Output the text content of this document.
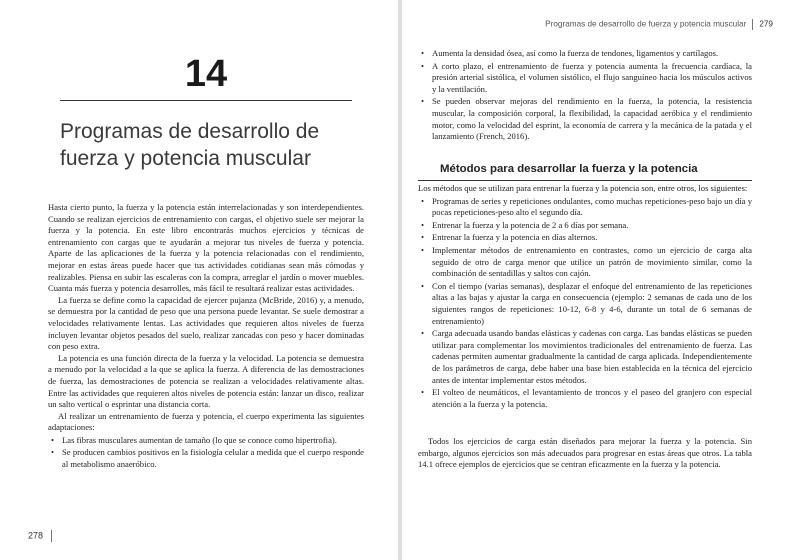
14
Programas de desarrollo de fuerza y potencia muscular

Hasta cierto punto, la fuerza y la potencia están interrelacionadas y son interdependientes. Cuando se realizan ejercicios de entrenamiento con cargas, el objetivo suele ser mejorar la fuerza y la potencia. En este libro encontrarás muchos ejercicios y técnicas de entrenamiento con cargas que te ayudarán a mejorar tus niveles de fuerza y potencia. Aparte de las aplicaciones de la fuerza y la potencia relacionadas con el rendimiento, mejorar en estas áreas puede hacer que tus actividades cotidianas sean más cómodas y realizables. Piensa en subir las escaleras con la compra, arreglar el jardín o mover muebles. Cuanta más fuerza y potencia desarrolles, más fácil te resultará realizar estas actividades.

La fuerza se define como la capacidad de ejercer pujanza (McBride, 2016) y, a menudo, se demuestra por la cantidad de peso que una persona puede levantar. Se suele demostrar a velocidades relativamente lentas. Las actividades que requieren altos niveles de fuerza incluyen levantar objetos pesados del suelo, realizar zancadas con peso y hacer dominadas con peso extra.

La potencia es una función directa de la fuerza y la velocidad. La potencia se demuestra a menudo por la velocidad a la que se aplica la fuerza. A diferencia de las demostraciones de fuerza, las demostraciones de potencia se realizan a velocidades relativamente altas. Entre las actividades que requieren altos niveles de potencia están: lanzar un disco, realizar un salto vertical o esprintar una distancia corta.

Al realizar un entrenamiento de fuerza y potencia, el cuerpo experimenta las siguientes adaptaciones:

• Las fibras musculares aumentan de tamaño (lo que se conoce como hipertrofia).
• Se producen cambios positivos en la fisiología celular a medida que el cuerpo responde al metabolismo anaeróbico.
278
Programas de desarrollo de fuerza y potencia muscular 279
• Aumenta la densidad ósea, así como la fuerza de tendones, ligamentos y cartílagos.
• A corto plazo, el entrenamiento de fuerza y potencia aumenta la frecuencia cardíaca, la presión arterial sistólica, el volumen sistólico, el flujo sanguíneo hacia los músculos activos y la ventilación.
• Se pueden observar mejoras del rendimiento en la fuerza, la potencia, la resistencia muscular, la composición corporal, la flexibilidad, la capacidad aeróbica y el rendimiento motor, como la velocidad del esprint, la economía de carrera y la mecánica de la patada y el lanzamiento (French, 2016).
Métodos para desarrollar la fuerza y la potencia

Los métodos que se utilizan para entrenar la fuerza y la potencia son, entre otros, los siguientes:

• Programas de series y repeticiones ondulantes, como muchas repeticiones-peso bajo un día y pocas repeticiones-peso alto el segundo día.
• Entrenar la fuerza y la potencia de 2 a 6 días por semana.
• Entrenar la fuerza y la potencia en días alternos.
• Implementar métodos de entrenamiento en contrastes, como un ejercicio de carga alta seguido de otro de carga menor que utilice un patrón de movimiento similar, como la combinación de sentadillas y saltos con cajón.
• Con el tiempo (varias semanas), desplazar el enfoque del entrenamiento de las repeticiones altas a las bajas y ajustar la carga en consecuencia (ejemplo: 2 semanas de cada uno de los siguientes rangos de repeticiones: 10-12, 6-8 y 4-6, durante un total de 6 semanas de entrenamiento)
• Carga adecuada usando bandas elásticas y cadenas con carga. Las bandas elásticas se pueden utilizar para complementar los movimientos tradicionales del entrenamiento de fuerza. Las cadenas permiten aumentar gradualmente la cantidad de carga aplicada. Independientemente de los parámetros de carga, debe haber una base bien establecida en la técnica del ejercicio antes de intentar implementar estos métodos.
• El volteo de neumáticos, el levantamiento de troncos y el paseo del granjero con especial atención a la fuerza y la potencia.

Todos los ejercicios de carga están diseñados para mejorar la fuerza y la potencia. Sin embargo, algunos ejercicios son más adecuados para progresar en estas áreas que otros. La tabla 14.1 ofrece ejemplos de ejercicios que se centran eficazmente en la fuerza y la potencia.
